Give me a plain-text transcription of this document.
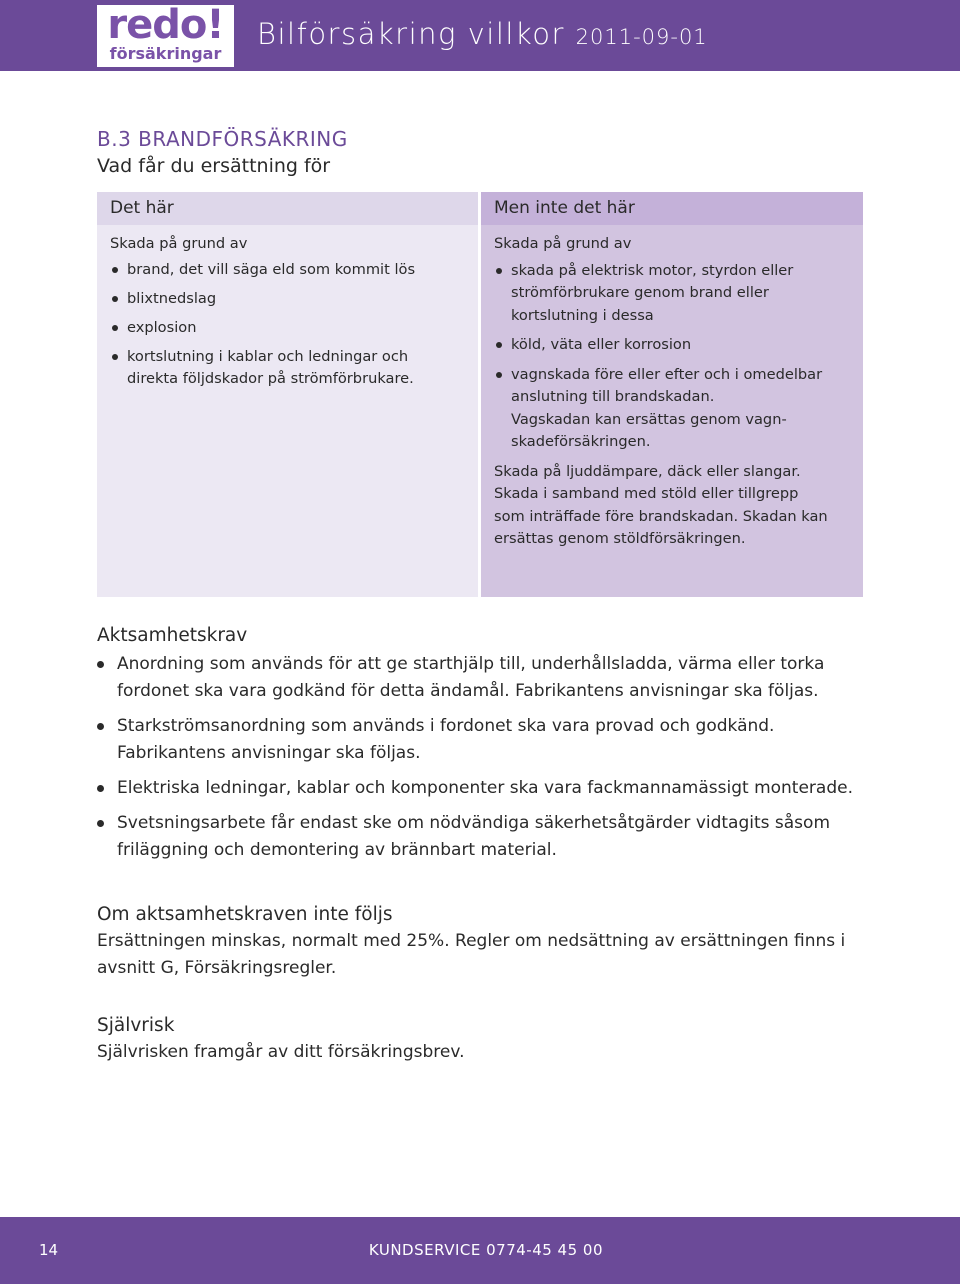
redo!
försäkringar
Bilförsäkring villkor 2011-09-01
B.3 BRANDFÖRSÄKRING
Vad får du ersättning för
Det här

Skada på grund av

brand, det vill säga eld som kommit lös
blixtnedslag
explosion
kortslutning i kablar och ledningar och
direkta följdskador på strömförbrukare.
Men inte det här

Skada på grund av

skada på elektrisk motor, styrdon eller
strömförbrukare genom brand eller
kortslutning i dessa
köld, väta eller korrosion
vagnskada före eller efter och i omedelbar
anslutning till brandskadan.
Vagskadan kan ersättas genom vagn-
skadeförsäkringen.

Skada på ljuddämpare, däck eller slangar.

Skada i samband med stöld eller tillgrepp
som inträffade före brandskadan. Skadan kan
ersättas genom stöldförsäkringen.

Aktsamhetskrav
Anordning som används för att ge starthjälp till, underhållsladda, värma eller torka
fordonet ska vara godkänd för detta ändamål. Fabrikantens anvisningar ska följas.
Starkströmsanordning som används i fordonet ska vara provad och godkänd.
Fabrikantens anvisningar ska följas.
Elektriska ledningar, kablar och komponenter ska vara fackmannamässigt monterade.
Svetsningsarbete får endast ske om nödvändiga säkerhetsåtgärder vidtagits såsom
friläggning och demontering av brännbart material.
Om aktsamhetskraven inte följs
Ersättningen minskas, normalt med 25%. Regler om nedsättning av ersättningen finns i
avsnitt G, Försäkringsregler.
Självrisk
Självrisken framgår av ditt försäkringsbrev.
14	KUNDSERVICE 0774-45 45 00
